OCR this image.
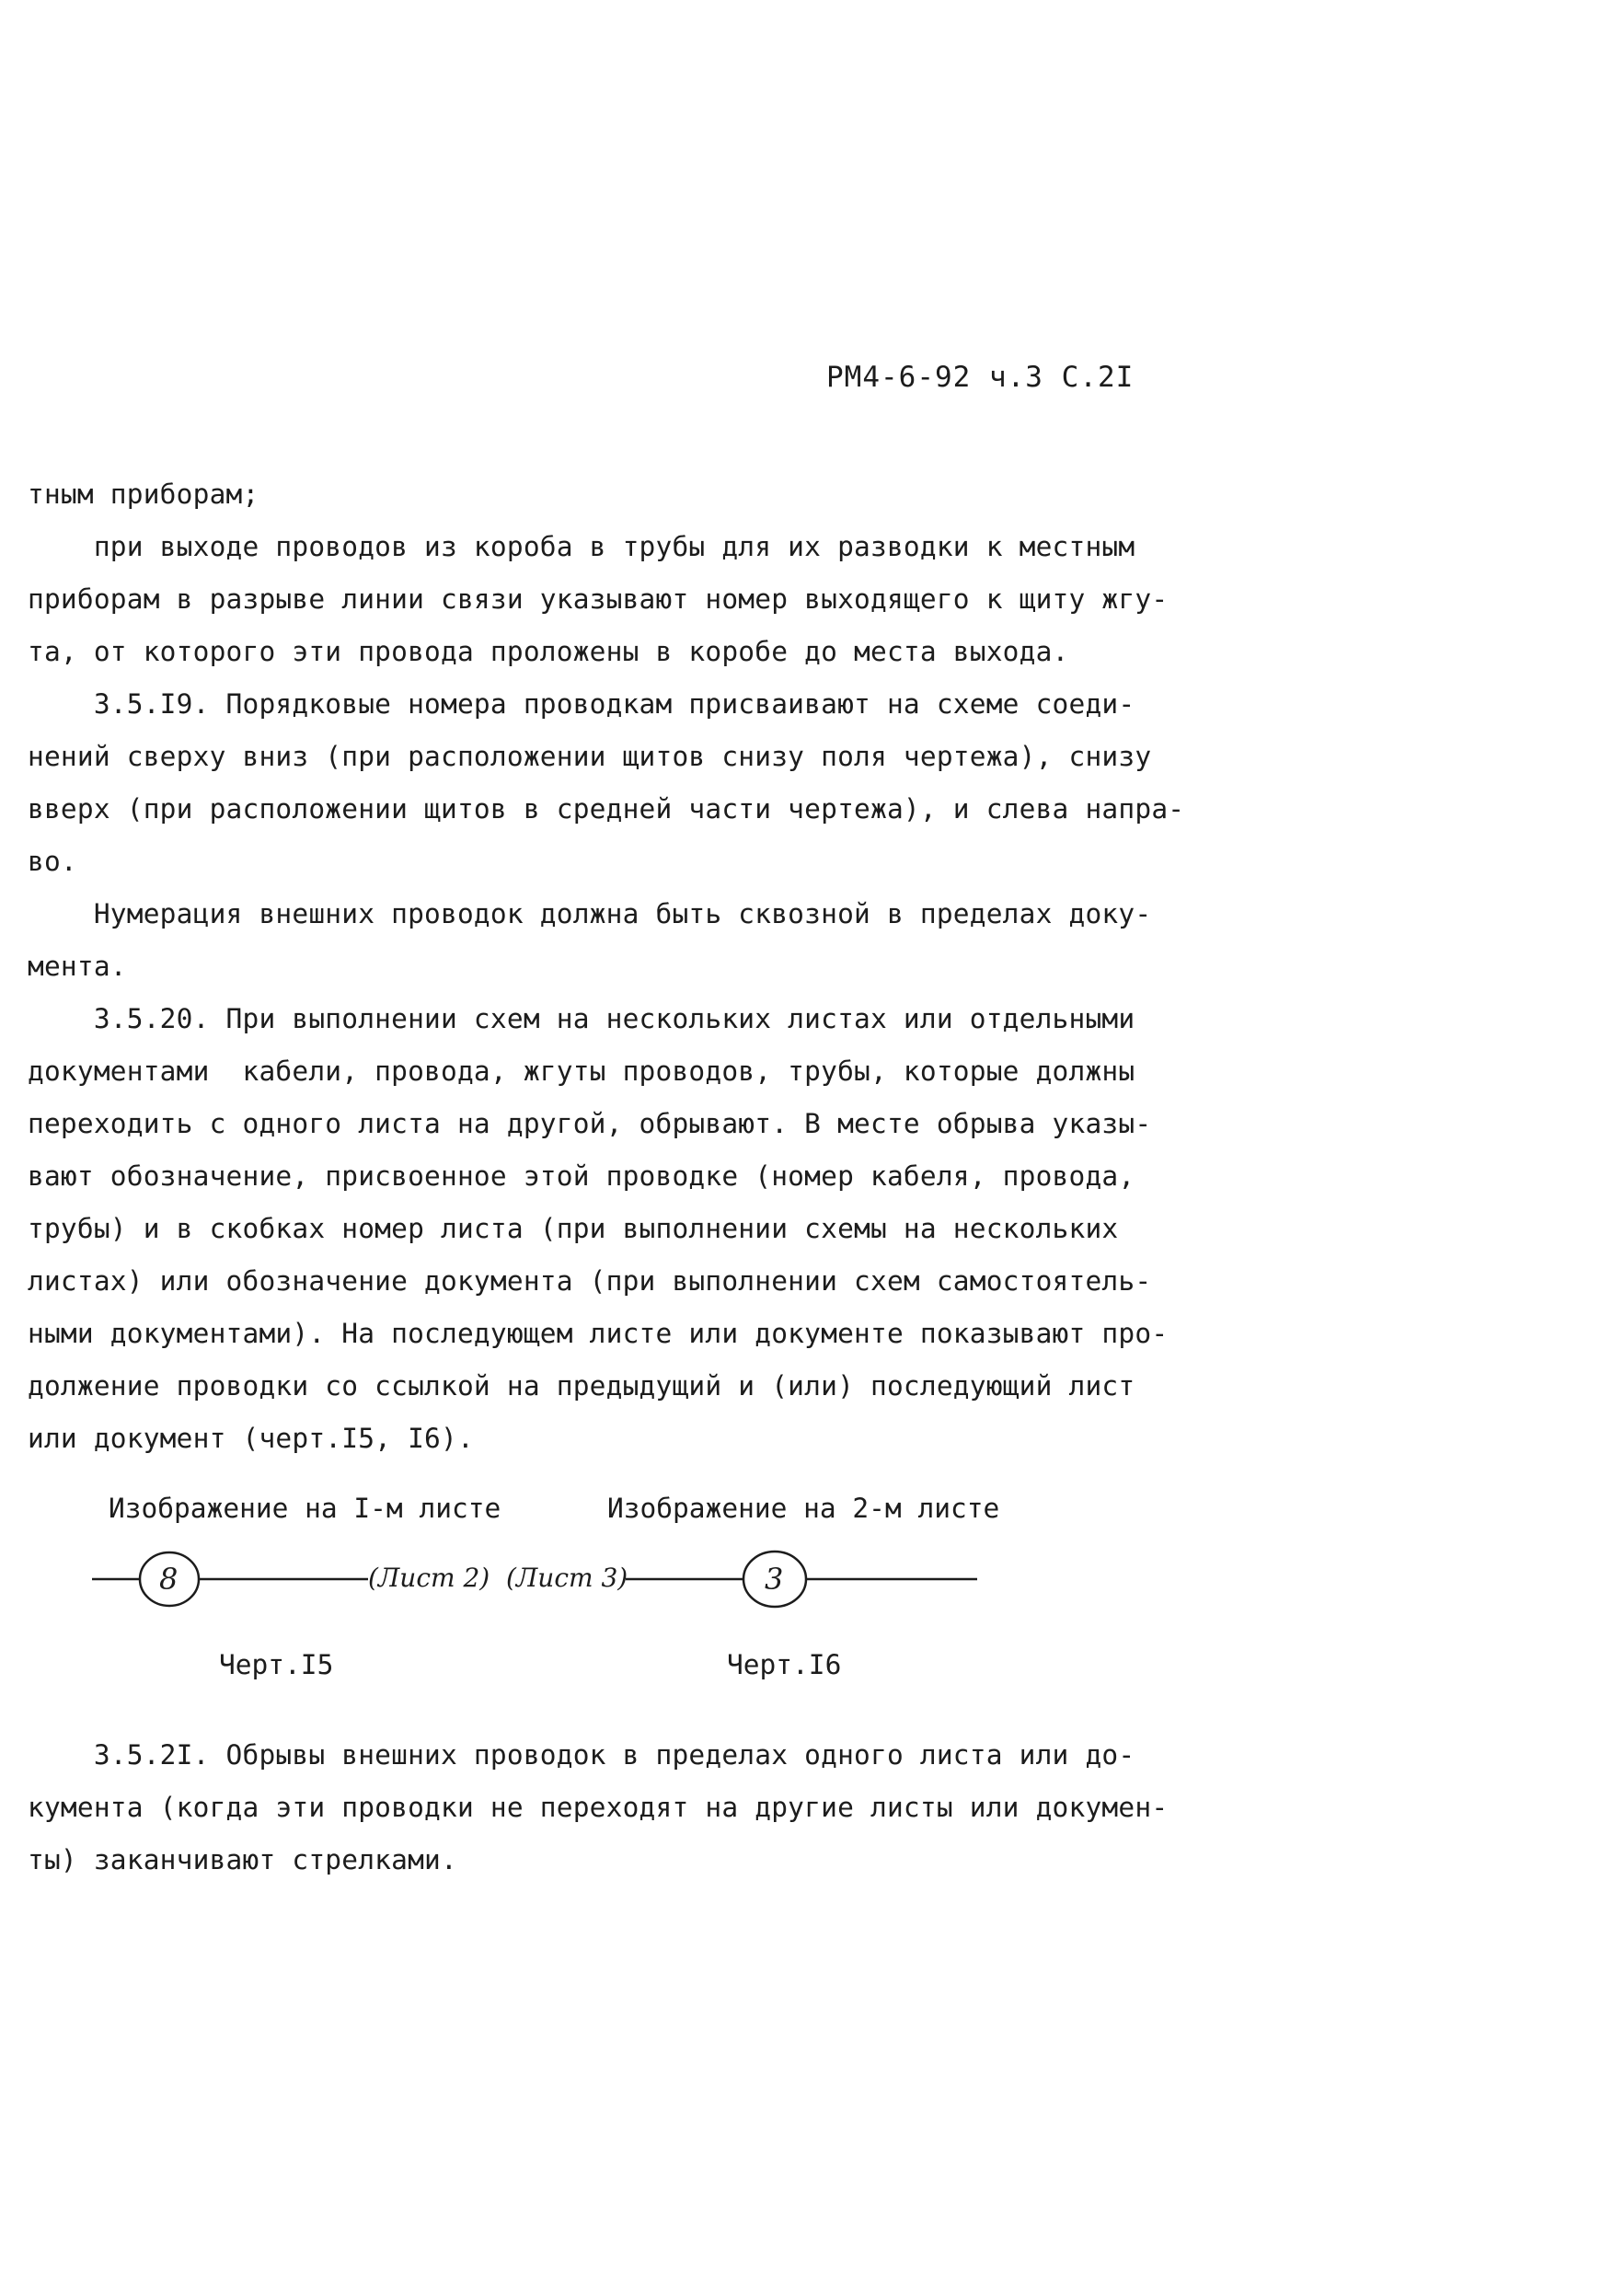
РМ4-6-92 ч.3 С.2I
тным приборам;
при выходе проводов из короба в трубы для их разводки к местным
приборам в разрыве линии связи указывают номер выходящего к щиту жгу-
та, от которого эти провода проложены в коробе до места выхода.
3.5.I9. Порядковые номера проводкам присваивают на схеме соеди-
нений сверху вниз (при расположении щитов снизу поля чертежа), снизу
вверх (при расположении щитов в средней части чертежа), и слева напра-
во.
Нумерация внешних проводок должна быть сквозной в пределах доку-
мента.
3.5.20. При выполнении схем на нескольких листах или отдельными
документами  кабели, провода, жгуты проводов, трубы, которые должны
переходить с одного листа на другой, обрывают. В месте обрыва указы-
вают обозначение, присвоенное этой проводке (номер кабеля, провода,
трубы) и в скобках номер листа (при выполнении схемы на нескольких
листах) или обозначение документа (при выполнении схем самостоятель-
ными документами). На последующем листе или документе показывают про-
должение проводки со ссылкой на предыдущий и (или) последующий лист
или документ (черт.I5, I6).
Изображение на I-м листе	Изображение на 2-м листе
8	(Лист 2) (Лист 3)	3
Черт.I5	Черт.I6
3.5.2I. Обрывы внешних проводок в пределах одного листа или до-
кумента (когда эти проводки не переходят на другие листы или докумен-
ты) заканчивают стрелками.
